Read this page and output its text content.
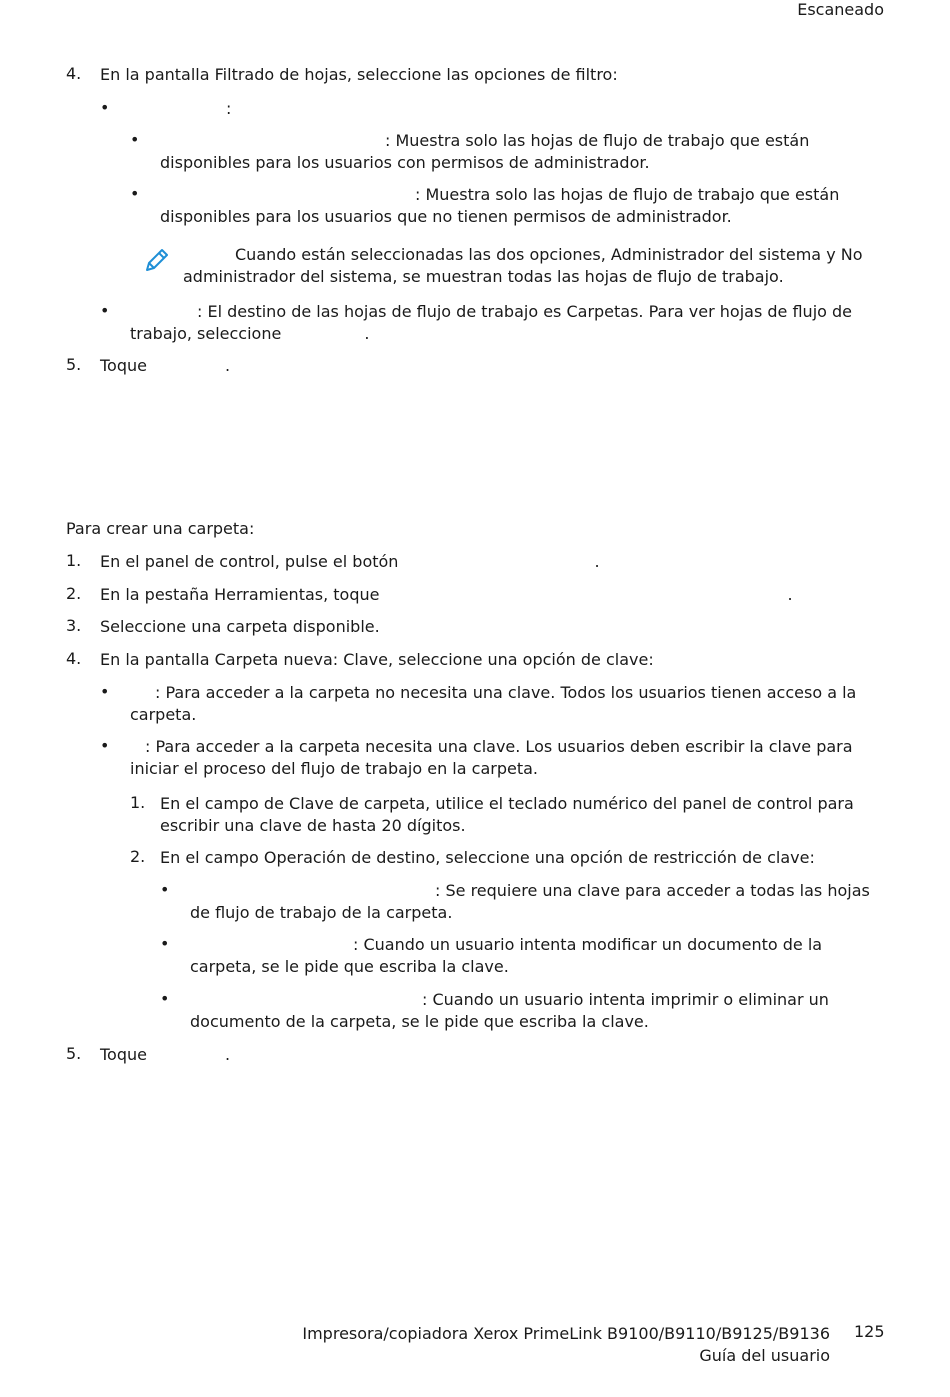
Escaneado
4. En la pantalla Filtrado de hojas, seleccione las opciones de filtro:
•	:
•	: Muestra solo las hojas de flujo de trabajo que están disponibles para los usuarios con permisos de administrador.
•	: Muestra solo las hojas de flujo de trabajo que están disponibles para los usuarios que no tienen permisos de administrador.
Cuando están seleccionadas las dos opciones, Administrador del sistema y No administrador del sistema, se muestran todas las hojas de flujo de trabajo.
•	: El destino de las hojas de flujo de trabajo es Carpetas. Para ver hojas de flujo de trabajo, seleccione	.
5. Toque	.
Para crear una carpeta:
1. En el panel de control, pulse el botón	.
2. En la pestaña Herramientas, toque	.
3. Seleccione una carpeta disponible.
4. En la pantalla Carpeta nueva: Clave, seleccione una opción de clave:
•	: Para acceder a la carpeta no necesita una clave. Todos los usuarios tienen acceso a la carpeta.
•	: Para acceder a la carpeta necesita una clave. Los usuarios deben escribir la clave para iniciar el proceso del flujo de trabajo en la carpeta.
1. En el campo de Clave de carpeta, utilice el teclado numérico del panel de control para escribir una clave de hasta 20 dígitos.
2. En el campo Operación de destino, seleccione una opción de restricción de clave:
•	: Se requiere una clave para acceder a todas las hojas de flujo de trabajo de la carpeta.
•	: Cuando un usuario intenta modificar un documento de la carpeta, se le pide que escriba la clave.
•	: Cuando un usuario intenta imprimir o eliminar un documento de la carpeta, se le pide que escriba la clave.
5. Toque	.
Impresora/copiadora Xerox PrimeLink B9100/B9110/B9125/B9136
Guía del usuario
125
